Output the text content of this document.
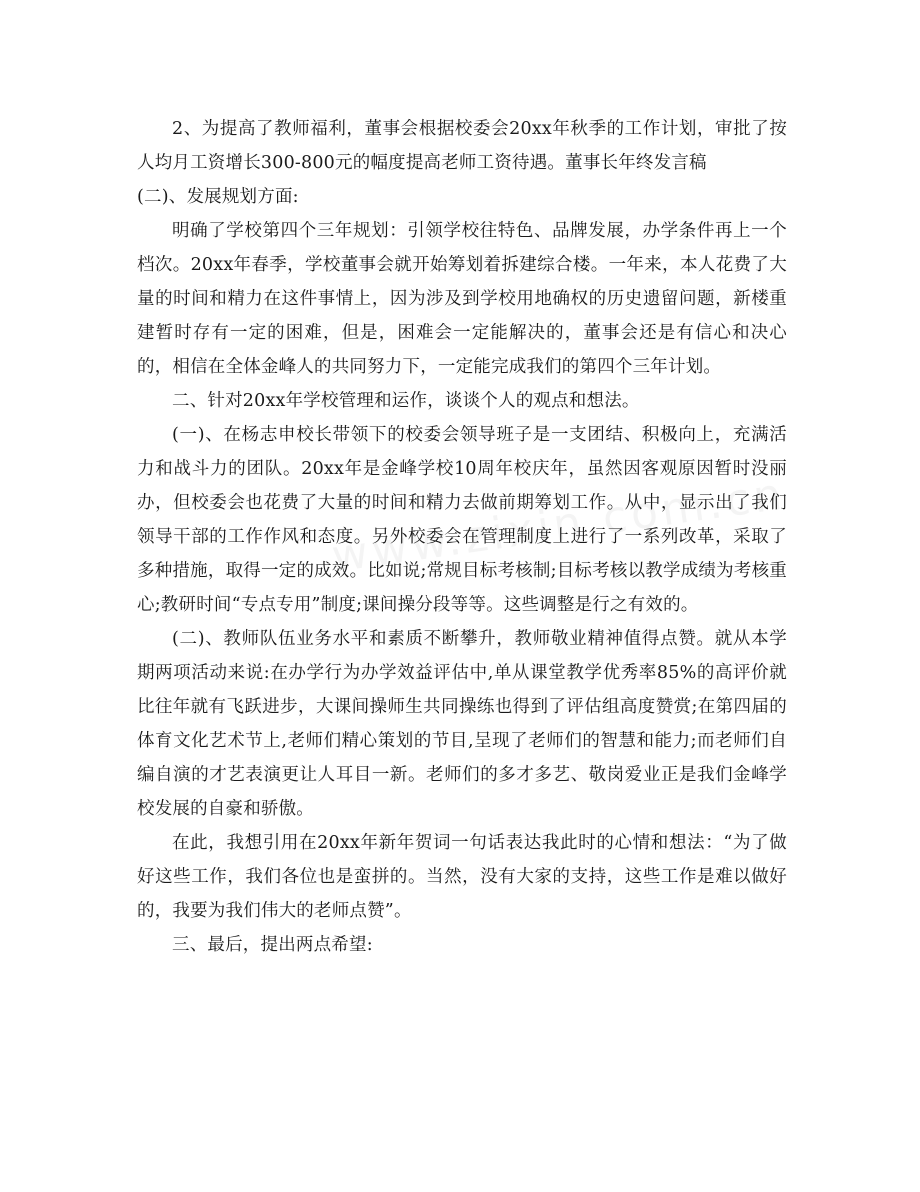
2、为提高了教师福利，董事会根据校委会20xx年秋季的工作计划，审批了按人均月工资增长300-800元的幅度提高老师工资待遇。董事长年终发言稿

(二)、发展规划方面:

明确了学校第四个三年规划：引领学校往特色、品牌发展，办学条件再上一个档次。20xx年春季，学校董事会就开始筹划着拆建综合楼。一年来，本人花费了大量的时间和精力在这件事情上，因为涉及到学校用地确权的历史遗留问题，新楼重建暂时存有一定的困难，但是，困难会一定能解决的，董事会还是有信心和决心的，相信在全体金峰人的共同努力下，一定能完成我们的第四个三年计划。

二、针对20xx年学校管理和运作，谈谈个人的观点和想法。

(一)、在杨志申校长带领下的校委会领导班子是一支团结、积极向上，充满活力和战斗力的团队。20xx年是金峰学校10周年校庆年，虽然因客观原因暂时没丽办，但校委会也花费了大量的时间和精力去做前期筹划工作。从中，显示出了我们领导干部的工作作风和态度。另外校委会在管理制度上进行了一系列改革，采取了多种措施，取得一定的成效。比如说;常规目标考核制;目标考核以教学成绩为考核重心;教研时间“专点专用”制度;课间操分段等等。这些调整是行之有效的。

(二)、教师队伍业务水平和素质不断攀升，教师敬业精神值得点赞。就从本学期两项活动来说:在办学行为办学效益评估中,单从课堂教学优秀率85%的高评价就比往年就有飞跃进步，大课间操师生共同操练也得到了评估组高度赞赏;在第四届的体育文化艺术节上,老师们精心策划的节目,呈现了老师们的智慧和能力;而老师们自编自演的才艺表演更让人耳目一新。老师们的多才多艺、敬岗爱业正是我们金峰学校发展的自豪和骄傲。

在此，我想引用在20xx年新年贺词一句话表达我此时的心情和想法：“为了做好这些工作，我们各位也是蛮拼的。当然，没有大家的支持，这些工作是难以做好的，我要为我们伟大的老师点赞”。

三、最后，提出两点希望:
